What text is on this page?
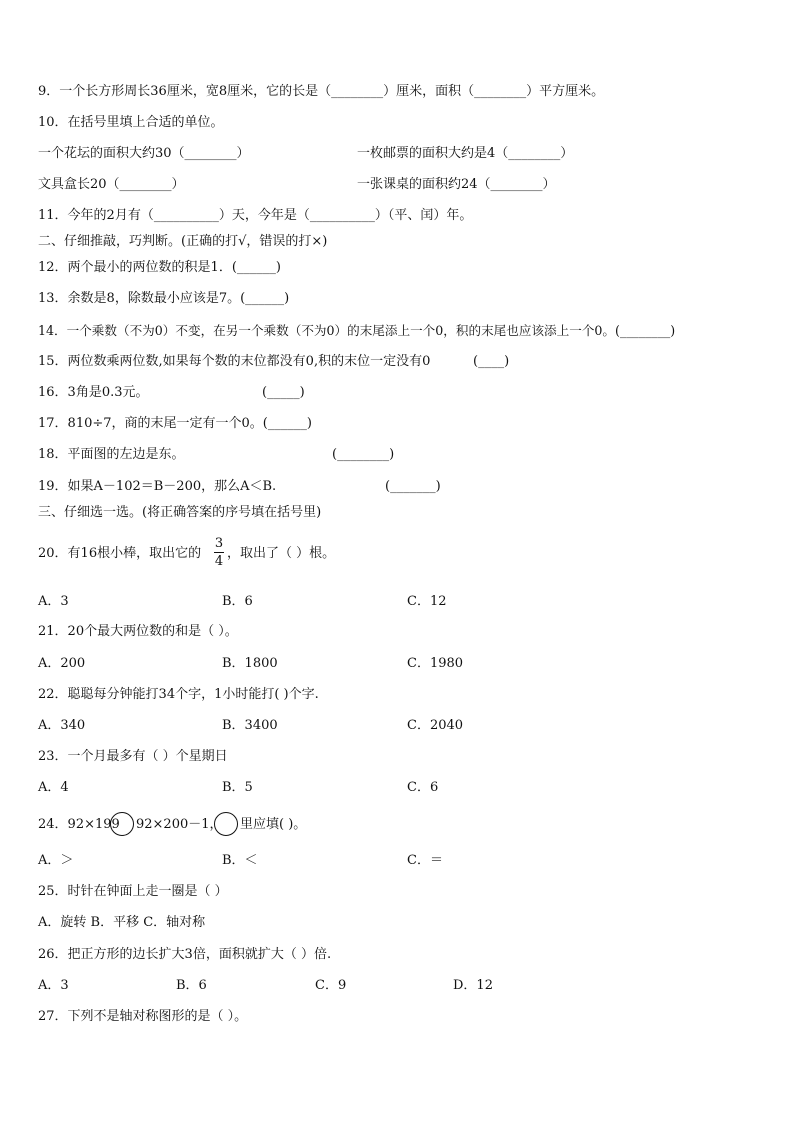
9．一个长方形周长36厘米，宽8厘米，它的长是（________）厘米，面积（________）平方厘米。
10．在括号里填上合适的单位。
一个花坛的面积大约30（________）	一枚邮票的面积大约是4（________）
文具盒长20（________）	一张课桌的面积约24（________）
11．今年的2月有（__________）天，今年是（__________）（平、闰）年。
二、仔细推敲，巧判断。(正确的打√，错误的打×)
12．两个最小的两位数的积是1．(______)
13．余数是8，除数最小应该是7。(______)
14．一个乘数（不为0）不变，在另一个乘数（不为0）的末尾添上一个0，积的末尾也应该添上一个0。(________)
15．两位数乘两位数,如果每个数的末位都没有0,积的末位一定没有0	(____)
16．3角是0.3元。	(_____)
17．810÷7，商的末尾一定有一个0。(______)
18．平面图的左边是东。	(________)
19．如果A－102＝B－200，那么A＜B.	(_______)
三、仔细选一选。(将正确答案的序号填在括号里)
20．有16根小棒，取出它的
3
4
，取出了（ ）根。
A．3	B．6	C．12
21．20个最大两位数的和是（ ）。
A．200	B．1800	C．1980
22．聪聪每分钟能打34个字，1小时能打( )个字.
A．340	B．3400	C．2040
23．一个月最多有（ ）个星期日
A．4	B．5	C．6
24．92×199 92×200－1， 里应填( )。
A．＞	B．＜	C．＝
25．时针在钟面上走一圈是（ ）
A．旋转 B．平移 C．轴对称
26．把正方形的边长扩大3倍，面积就扩大（ ）倍.
A．3	B．6	C．9	D．12
27．下列不是轴对称图形的是（ ）。
